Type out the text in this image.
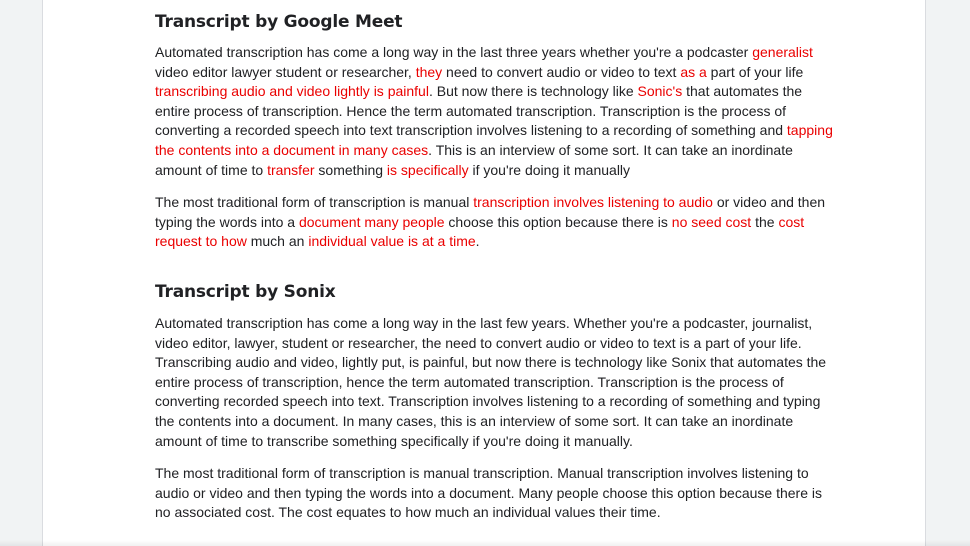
Transcript by Google Meet

Automated transcription has come a long way in the last three years whether you're a podcaster generalist video editor lawyer student or researcher, they need to convert audio or video to text as a part of your life transcribing audio and video lightly is painful. But now there is technology like Sonic's that automates the entire process of transcription. Hence the term automated transcription. Transcription is the process of converting a recorded speech into text transcription involves listening to a recording of something and tapping the contents into a document in many cases. This is an interview of some sort. It can take an inordinate amount of time to transfer something is specifically if you're doing it manually

The most traditional form of transcription is manual transcription involves listening to audio or video and then typing the words into a document many people choose this option because there is no seed cost the cost request to how much an individual value is at a time.

Transcript by Sonix

Automated transcription has come a long way in the last few years. Whether you're a podcaster, journalist, video editor, lawyer, student or researcher, the need to convert audio or video to text is a part of your life. Transcribing audio and video, lightly put, is painful, but now there is technology like Sonix that automates the entire process of transcription, hence the term automated transcription. Transcription is the process of converting recorded speech into text. Transcription involves listening to a recording of something and typing the contents into a document. In many cases, this is an interview of some sort. It can take an inordinate amount of time to transcribe something specifically if you're doing it manually.

The most traditional form of transcription is manual transcription. Manual transcription involves listening to audio or video and then typing the words into a document. Many people choose this option because there is no associated cost. The cost equates to how much an individual values their time.
